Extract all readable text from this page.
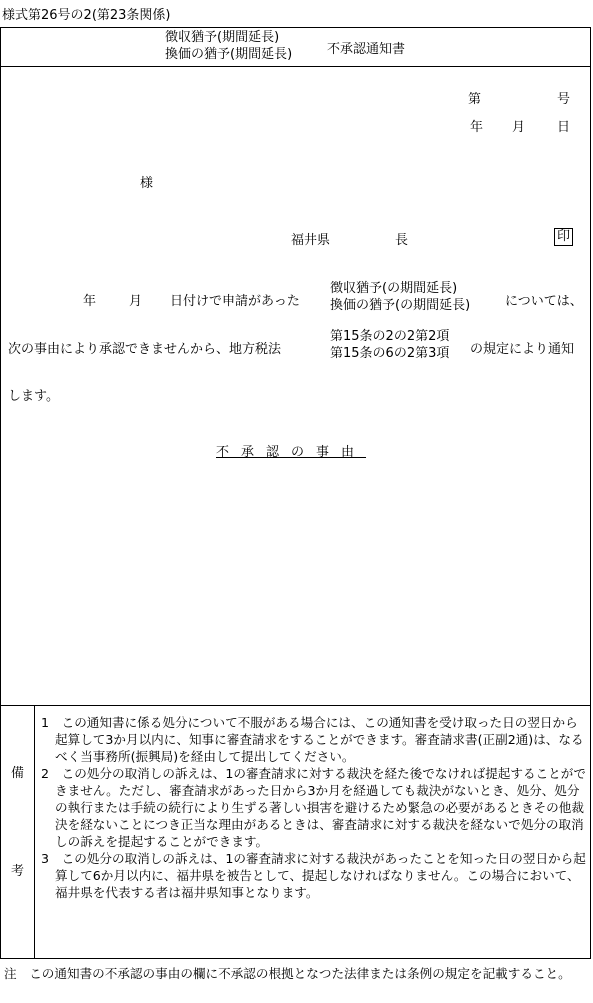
様式第26号の2(第23条関係)
徴収猶予(期間延長)
換価の猶予(期間延長)	不承認通知書
第	号
年 月 日
様
福井県	長	印
年	月 日付けで申請があった
徴収猶予(の期間延長)
換価の猶予(の期間延長)	については、
次の事由により承認できませんから、地方税法
第15条の2の2第2項
第15条の6の2第3項 の規定により通知
します。
不承認の事由
備
考

1　この通知書に係る処分について不服がある場合には、この通知書を受け取った日の翌日から起算して3か月以内に、知事に審査請求をすることができます。審査請求書(正副2通)は、なるべく当事務所(振興局)を経由して提出してください。

2　この処分の取消しの訴えは、1の審査請求に対する裁決を経た後でなければ提起することができません。ただし、審査請求があった日から3か月を経過しても裁決がないとき、処分、処分の執行または手続の続行により生ずる著しい損害を避けるため緊急の必要があるときその他裁決を経ないことにつき正当な理由があるときは、審査請求に対する裁決を経ないで処分の取消しの訴えを提起することができます。

3　この処分の取消しの訴えは、1の審査請求に対する裁決があったことを知った日の翌日から起算して6か月以内に、福井県を被告として、提起しなければなりません。この場合において、福井県を代表する者は福井県知事となります。

注　この通知書の不承認の事由の欄に不承認の根拠となつた法律または条例の規定を記載すること。
